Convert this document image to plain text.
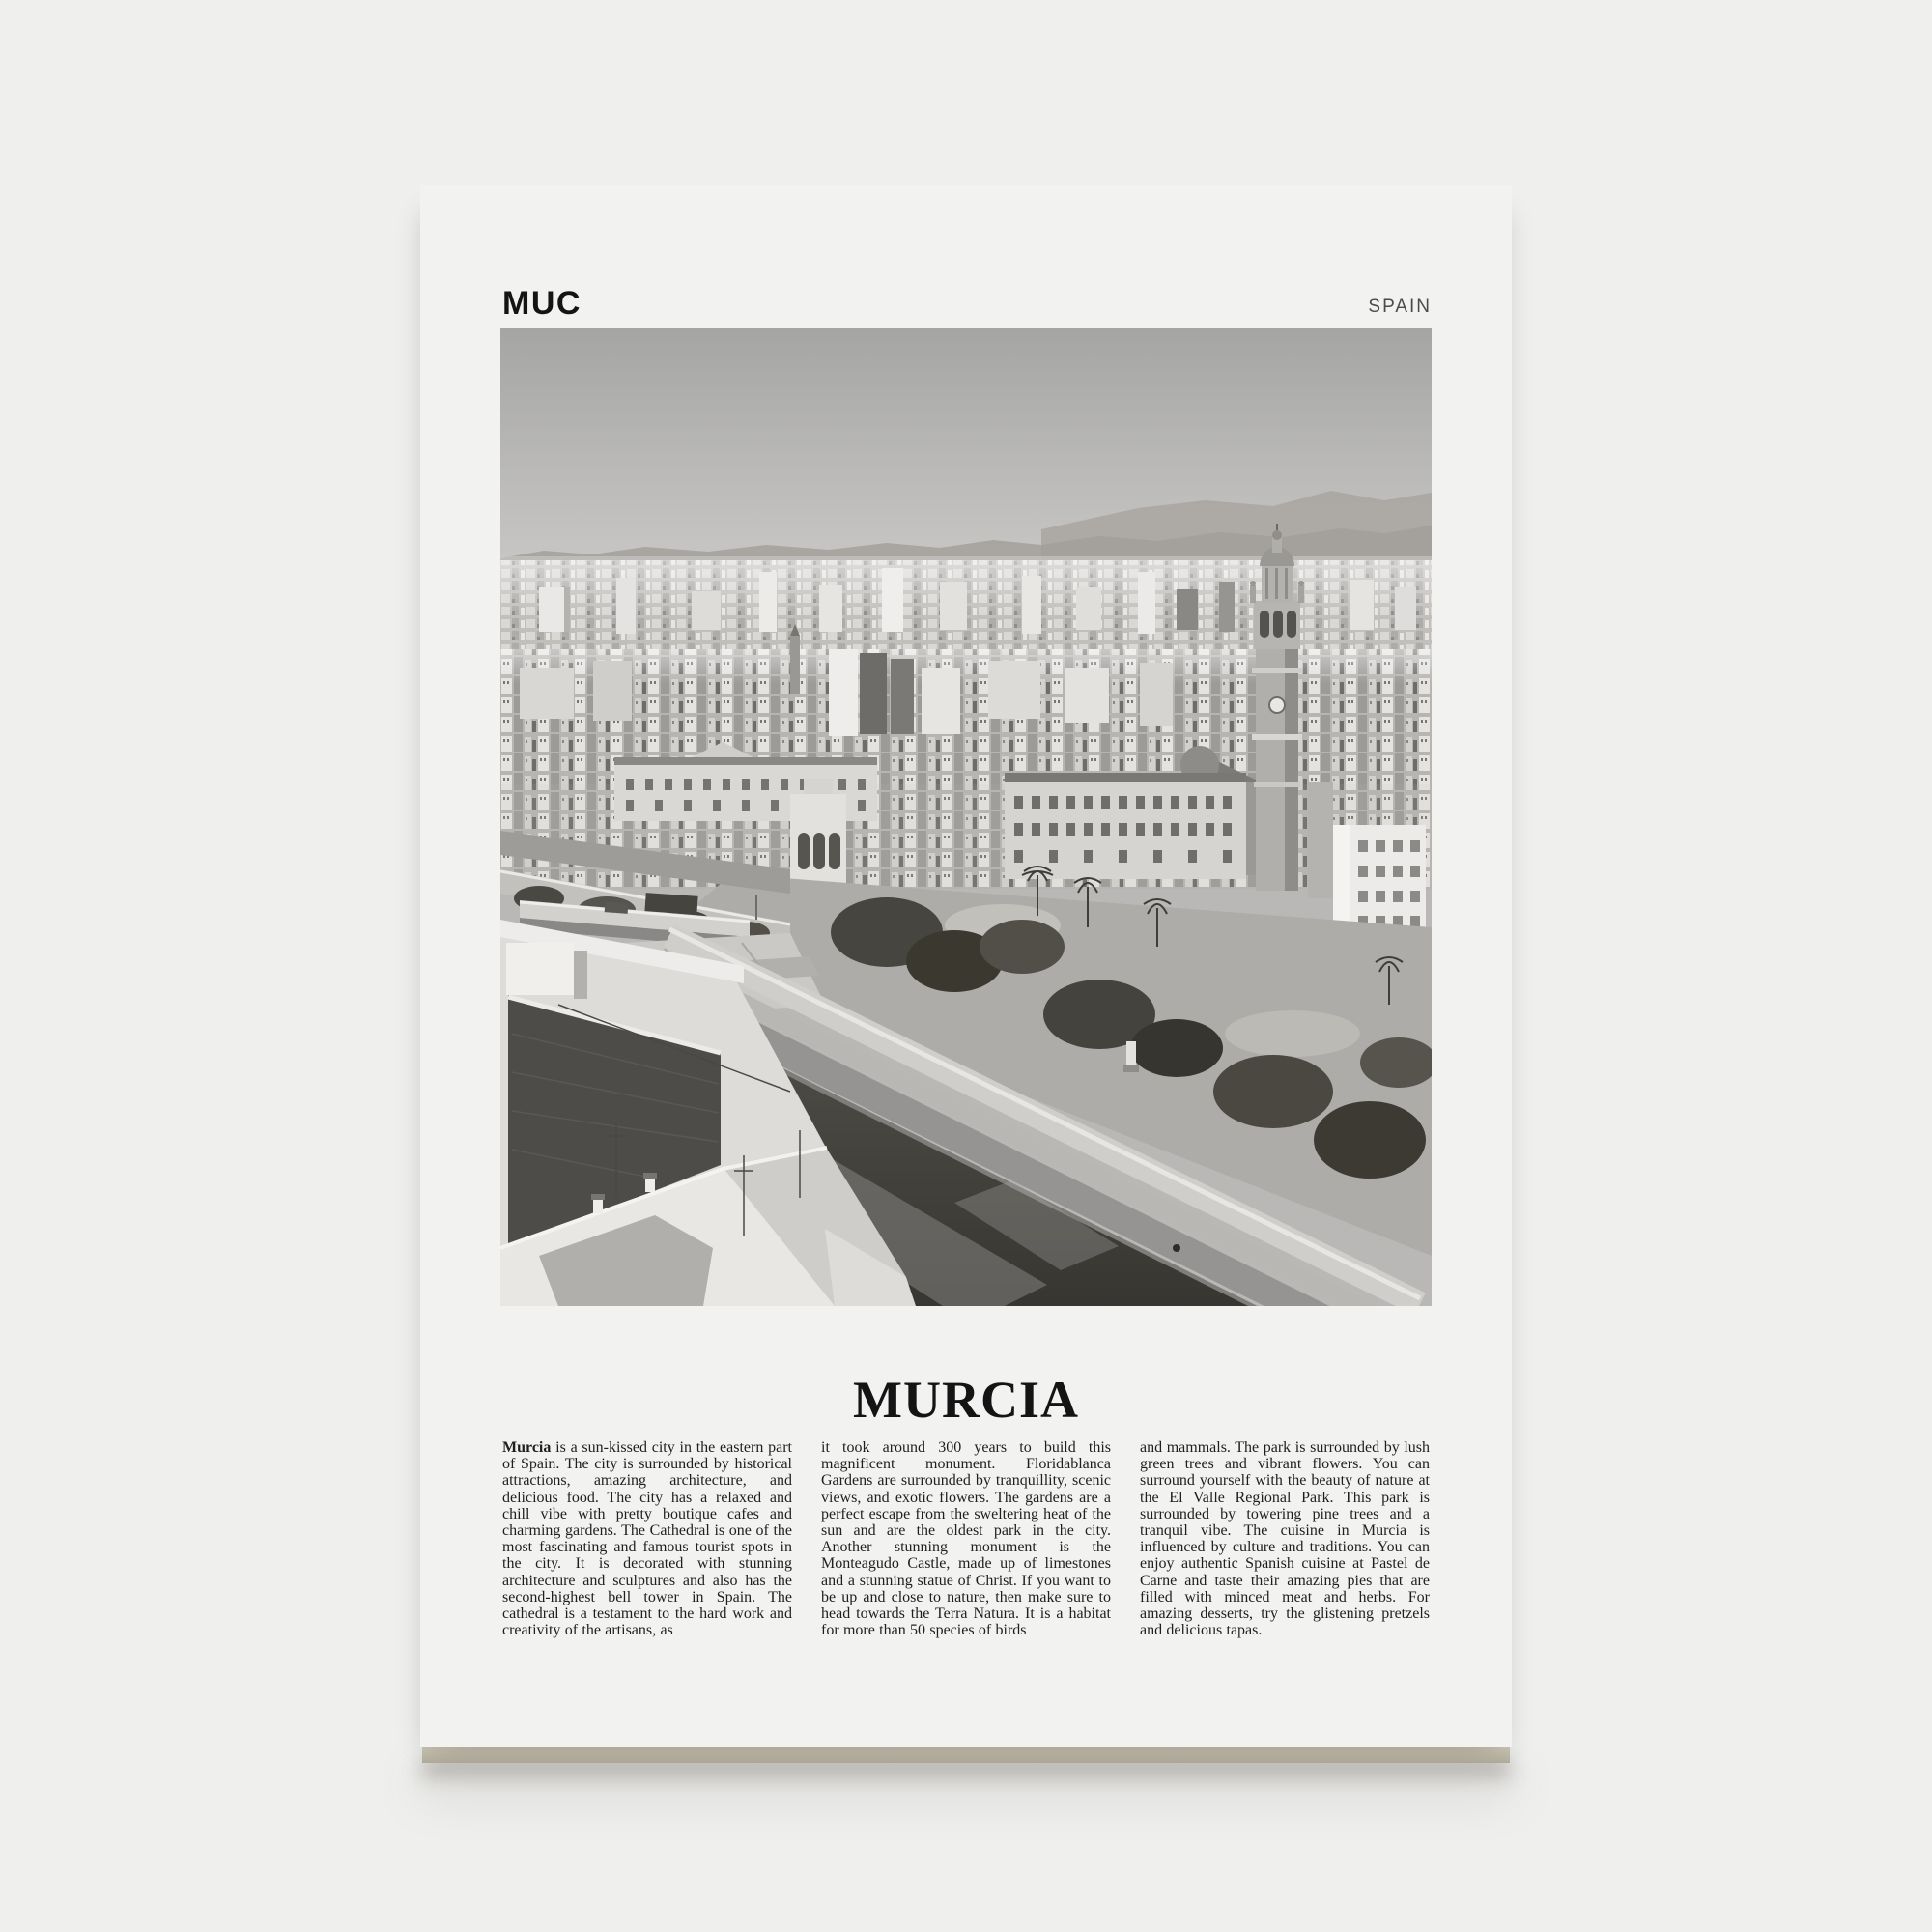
MUC	SPAIN
MURCIA

Murcia is a sun-kissed city in the eastern part of Spain. The city is surrounded by historical attractions, amazing architecture, and delicious food. The city has a relaxed and chill vibe with pretty boutique cafes and charming gardens. The Cathedral is one of the most fascinating and famous tourist spots in the city. It is decorated with stunning architecture and sculptures and also has the second-highest bell tower in Spain. The cathedral is a testament to the hard work and creativity of the artisans, as

it took around 300 years to build this magnificent monument. Floridablanca Gardens are surrounded by tranquillity, scenic views, and exotic flowers. The gardens are a perfect escape from the sweltering heat of the sun and are the oldest park in the city. Another stunning monument is the Monteagudo Castle, made up of limestones and a stunning statue of Christ. If you want to be up and close to nature, then make sure to head towards the Terra Natura. It is a habitat for more than 50 species of birds

and mammals. The park is surrounded by lush green trees and vibrant flowers. You can surround yourself with the beauty of nature at the El Valle Regional Park. This park is surrounded by towering pine trees and a tranquil vibe. The cuisine in Murcia is influenced by culture and traditions. You can enjoy authentic Spanish cuisine at Pastel de Carne and taste their amazing pies that are filled with minced meat and herbs. For amazing desserts, try the glistening pretzels and delicious tapas.
